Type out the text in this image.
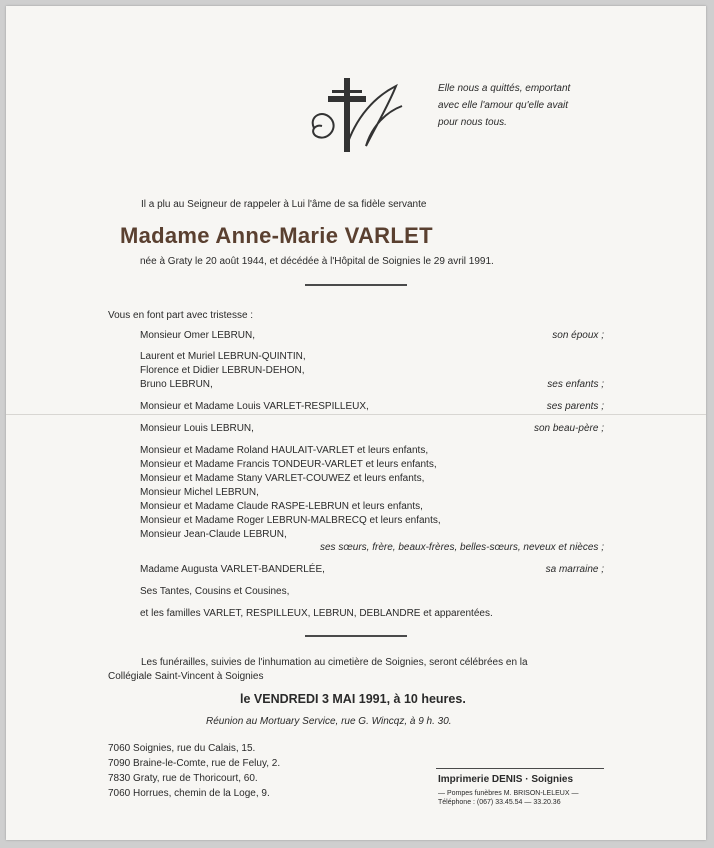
Elle nous a quittés, emportant
avec elle l'amour qu'elle avait
pour nous tous.
Il a plu au Seigneur de rappeler à Lui l'âme de sa fidèle servante
Madame Anne-Marie VARLET
née à Graty le 20 août 1944, et décédée à l'Hôpital de Soignies le 29 avril 1991.
Vous en font part avec tristesse :
Monsieur Omer LEBRUN,	son époux ;
Laurent et Muriel LEBRUN-QUINTIN,
Florence et Didier LEBRUN-DEHON,
Bruno LEBRUN,	ses enfants ;
Monsieur et Madame Louis VARLET-RESPILLEUX,	ses parents ;
Monsieur Louis LEBRUN,	son beau-père ;
Monsieur et Madame Roland HAULAIT-VARLET et leurs enfants,
Monsieur et Madame Francis TONDEUR-VARLET et leurs enfants,
Monsieur et Madame Stany VARLET-COUWEZ et leurs enfants,
Monsieur Michel LEBRUN,
Monsieur et Madame Claude RASPE-LEBRUN et leurs enfants,
Monsieur et Madame Roger LEBRUN-MALBRECQ et leurs enfants,
Monsieur Jean-Claude LEBRUN,
ses sœurs, frère, beaux-frères, belles-sœurs, neveux et nièces ;
Madame Augusta VARLET-BANDERLÉE,	sa marraine ;
Ses Tantes, Cousins et Cousines,
et les familles VARLET, RESPILLEUX, LEBRUN, DEBLANDRE et apparentées.
Les funérailles, suivies de l'inhumation au cimetière de Soignies, seront célébrées en la
Collégiale Saint-Vincent à Soignies
le VENDREDI 3 MAI 1991, à 10 heures.
Réunion au Mortuary Service, rue G. Wincqz, à 9 h. 30.
7060 Soignies, rue du Calais, 15.
7090 Braine-le-Comte, rue de Feluy, 2.
7830 Graty, rue de Thoricourt, 60.
7060 Horrues, chemin de la Loge, 9.
Imprimerie DENIS · Soignies
— Pompes funèbres M. BRISON-LELEUX —
Téléphone : (067) 33.45.54 — 33.20.36
